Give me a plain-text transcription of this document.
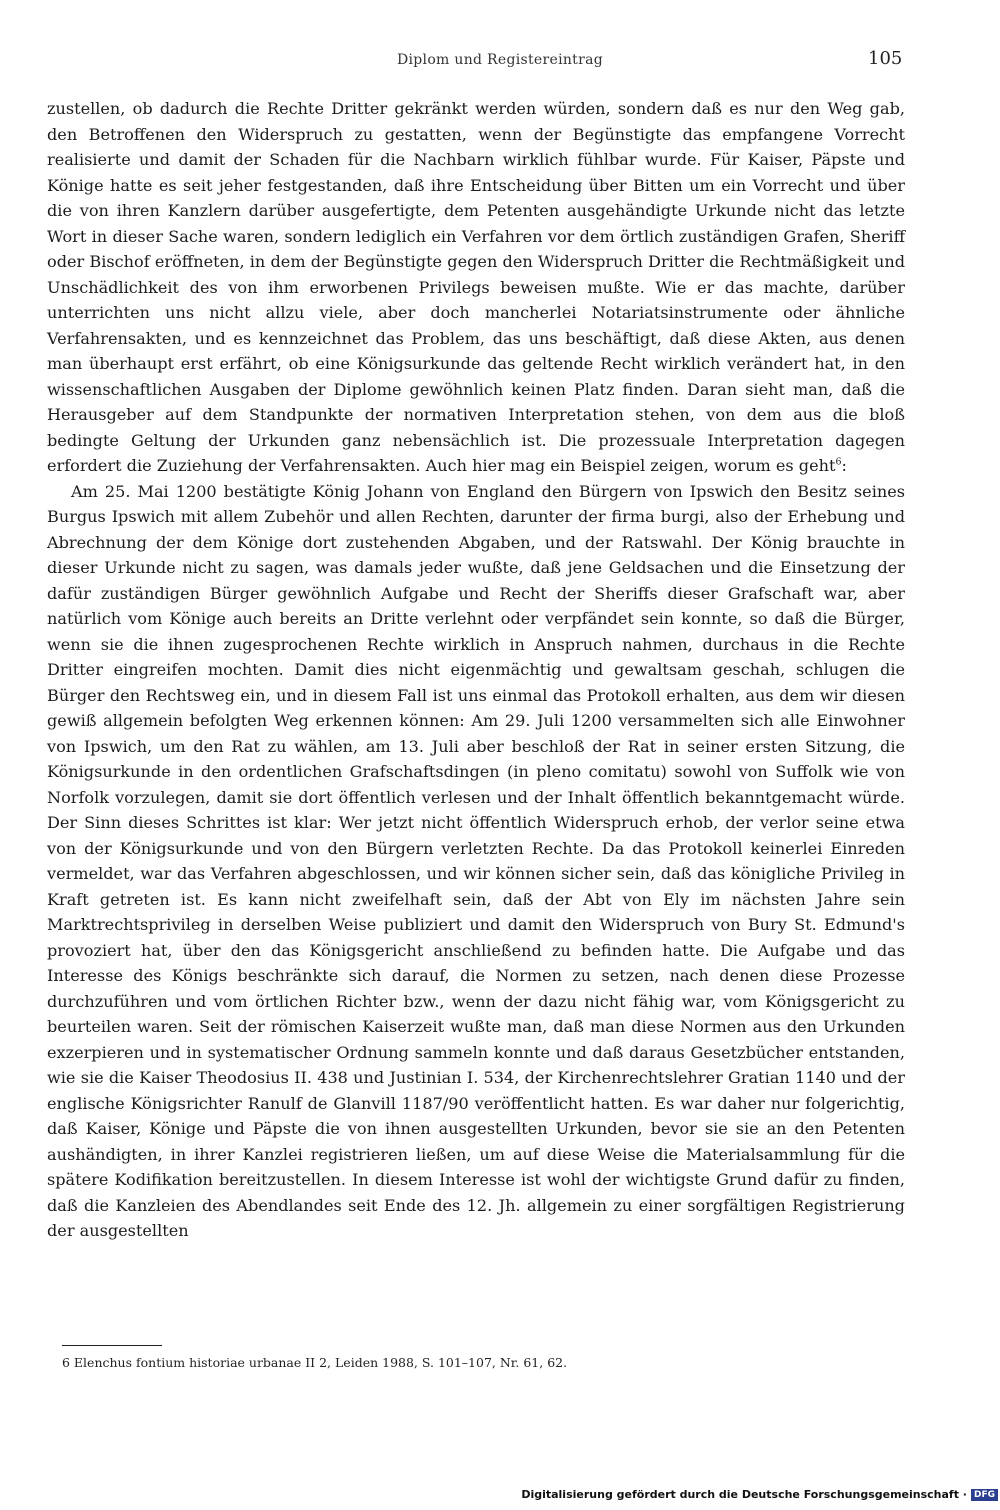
Diplom und Registereintrag	105

zustellen, ob dadurch die Rechte Dritter gekränkt werden würden, sondern daß es nur den Weg gab, den Betroffenen den Widerspruch zu gestatten, wenn der Begünstigte das empfangene Vorrecht realisierte und damit der Schaden für die Nachbarn wirklich fühlbar wurde. Für Kaiser, Päpste und Könige hatte es seit jeher festgestanden, daß ihre Entscheidung über Bitten um ein Vorrecht und über die von ihren Kanzlern darüber ausgefertigte, dem Petenten ausgehändigte Urkunde nicht das letzte Wort in dieser Sache waren, sondern lediglich ein Verfahren vor dem örtlich zuständigen Grafen, Sheriff oder Bischof eröffneten, in dem der Begünstigte gegen den Widerspruch Dritter die Rechtmäßigkeit und Unschädlichkeit des von ihm erworbenen Privilegs beweisen mußte. Wie er das machte, darüber unterrichten uns nicht allzu viele, aber doch mancherlei Notariatsinstrumente oder ähnliche Verfahrensakten, und es kennzeichnet das Problem, das uns beschäftigt, daß diese Akten, aus denen man überhaupt erst erfährt, ob eine Königsurkunde das geltende Recht wirklich verändert hat, in den wissenschaftlichen Ausgaben der Diplome gewöhnlich keinen Platz finden. Daran sieht man, daß die Herausgeber auf dem Standpunkte der normativen Interpretation stehen, von dem aus die bloß bedingte Geltung der Urkunden ganz nebensächlich ist. Die prozessuale Interpretation dagegen erfordert die Zuziehung der Verfahrensakten. Auch hier mag ein Beispiel zeigen, worum es geht$^6$:

Am 25. Mai 1200 bestätigte König Johann von England den Bürgern von Ipswich den Besitz seines Burgus Ipswich mit allem Zubehör und allen Rechten, darunter der firma burgi, also der Erhebung und Abrechnung der dem Könige dort zustehenden Abgaben, und der Ratswahl. Der König brauchte in dieser Urkunde nicht zu sagen, was damals jeder wußte, daß jene Geldsachen und die Einsetzung der dafür zuständigen Bürger gewöhnlich Aufgabe und Recht der Sheriffs dieser Grafschaft war, aber natürlich vom Könige auch bereits an Dritte verlehnt oder verpfändet sein konnte, so daß die Bürger, wenn sie die ihnen zugesprochenen Rechte wirklich in Anspruch nahmen, durchaus in die Rechte Dritter eingreifen mochten. Damit dies nicht eigenmächtig und gewaltsam geschah, schlugen die Bürger den Rechtsweg ein, und in diesem Fall ist uns einmal das Protokoll erhalten, aus dem wir diesen gewiß allgemein befolgten Weg erkennen können: Am 29. Juli 1200 versammelten sich alle Einwohner von Ipswich, um den Rat zu wählen, am 13. Juli aber beschloß der Rat in seiner ersten Sitzung, die Königsurkunde in den ordentlichen Grafschaftsdingen (in pleno comitatu) sowohl von Suffolk wie von Norfolk vorzulegen, damit sie dort öffentlich verlesen und der Inhalt öffentlich bekanntgemacht würde. Der Sinn dieses Schrittes ist klar: Wer jetzt nicht öffentlich Widerspruch erhob, der verlor seine etwa von der Königsurkunde und von den Bürgern verletzten Rechte. Da das Protokoll keinerlei Einreden vermeldet, war das Verfahren abgeschlossen, und wir können sicher sein, daß das königliche Privileg in Kraft getreten ist. Es kann nicht zweifelhaft sein, daß der Abt von Ely im nächsten Jahre sein Marktrechtsprivileg in derselben Weise publiziert und damit den Widerspruch von Bury St. Edmund's provoziert hat, über den das Königsgericht anschließend zu befinden hatte. Die Aufgabe und das Interesse des Königs beschränkte sich darauf, die Normen zu setzen, nach denen diese Prozesse durchzuführen und vom örtlichen Richter bzw., wenn der dazu nicht fähig war, vom Königsgericht zu beurteilen waren. Seit der römischen Kaiserzeit wußte man, daß man diese Normen aus den Urkunden exzerpieren und in systematischer Ordnung sammeln konnte und daß daraus Gesetzbücher entstanden, wie sie die Kaiser Theodosius II. 438 und Justinian I. 534, der Kirchenrechtslehrer Gratian 1140 und der englische Königsrichter Ranulf de Glanvill 1187/90 veröffentlicht hatten. Es war daher nur folgerichtig, daß Kaiser, Könige und Päpste die von ihnen ausgestellten Urkunden, bevor sie sie an den Petenten aushändigten, in ihrer Kanzlei registrieren ließen, um auf diese Weise die Materialsammlung für die spätere Kodifikation bereitzustellen. In diesem Interesse ist wohl der wichtigste Grund dafür zu finden, daß die Kanzleien des Abendlandes seit Ende des 12. Jh. allgemein zu einer sorgfältigen Registrierung der ausgestellten

6 Elenchus fontium historiae urbanae II 2, Leiden 1988, S. 101–107, Nr. 61, 62.
Digitalisierung gefördert durch die Deutsche Forschungsgemeinschaft · DFG
